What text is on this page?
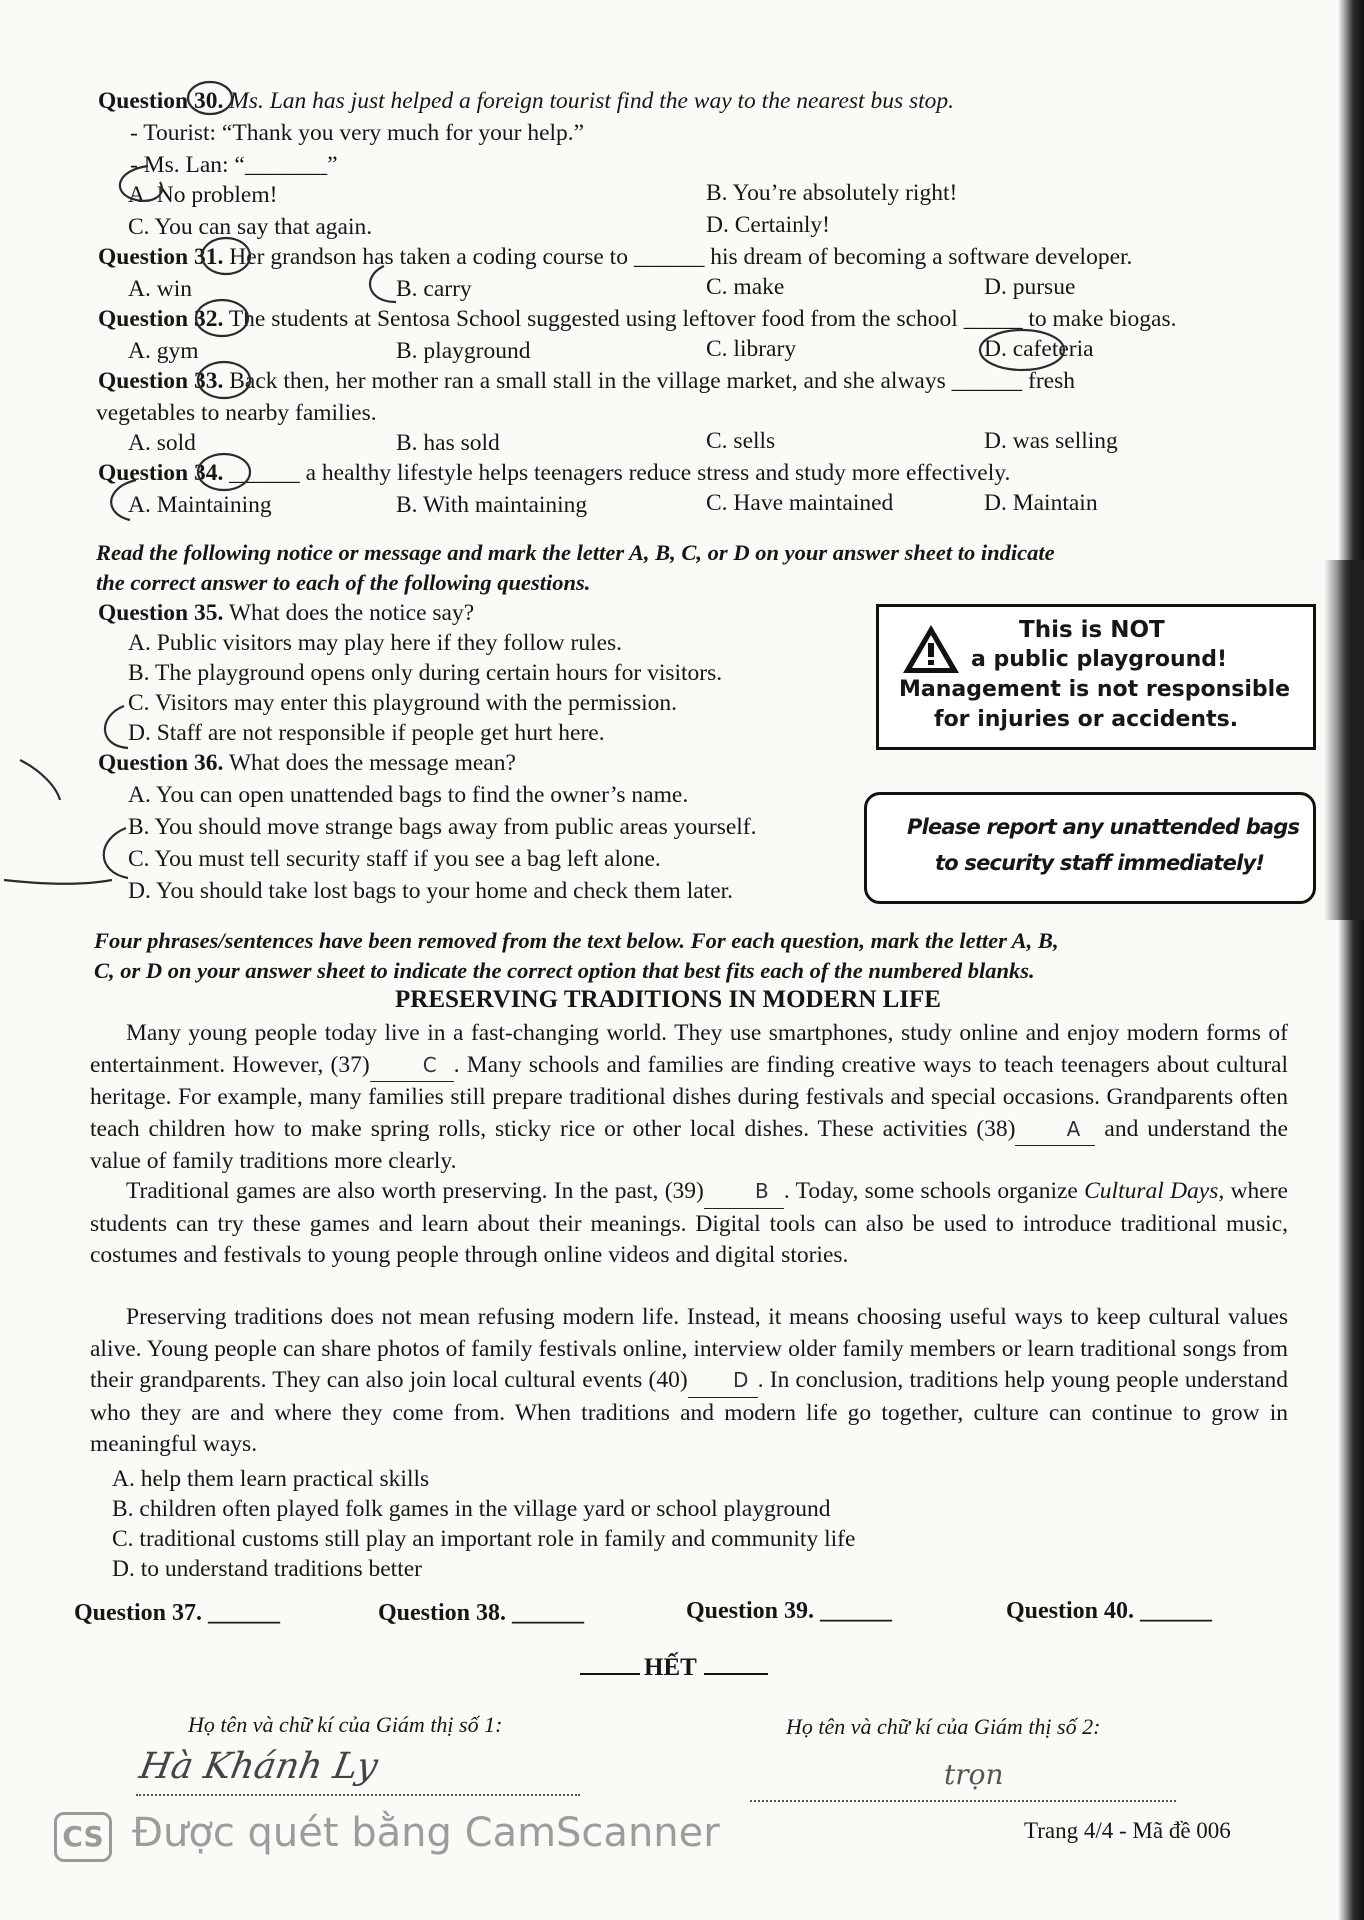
Question 30. Ms. Lan has just helped a foreign tourist find the way to the nearest bus stop.
- Tourist: “Thank you very much for your help.”
- Ms. Lan: “_______”
A. No problem!	B. You’re absolutely right!
C. You can say that again.	D. Certainly!
Question 31. Her grandson has taken a coding course to ______ his dream of becoming a software developer.
A. win	B. carry	C. make	D. pursue
Question 32. The students at Sentosa School suggested using leftover food from the school _____ to make biogas.
A. gym	B. playground	C. library	D. cafeteria
Question 33. Back then, her mother ran a small stall in the village market, and she always ______ fresh
vegetables to nearby families.
A. sold	B. has sold	C. sells	D. was selling
Question 34. ______ a healthy lifestyle helps teenagers reduce stress and study more effectively.
A. Maintaining	B. With maintaining	C. Have maintained	D. Maintain
Read the following notice or message and mark the letter A, B, C, or D on your answer sheet to indicate
the correct answer to each of the following questions.
Question 35. What does the notice say?
A. Public visitors may play here if they follow rules.
B. The playground opens only during certain hours for visitors.
C. Visitors may enter this playground with the permission.
D. Staff are not responsible if people get hurt here.
This is NOT
a public playground!
Management is not responsible
for injuries or accidents.
Question 36. What does the message mean?
A. You can open unattended bags to find the owner’s name.
B. You should move strange bags away from public areas yourself.
C. You must tell security staff if you see a bag left alone.
D. You should take lost bags to your home and check them later.
Please report any unattended bags
to security staff immediately!
Four phrases/sentences have been removed from the text below. For each question, mark the letter A, B,
C, or D on your answer sheet to indicate the correct option that best fits each of the numbered blanks.
PRESERVING TRADITIONS IN MODERN LIFE
Many young people today live in a fast-changing world. They use smartphones, study online and enjoy modern forms of entertainment. However, (37)	C . Many schools and families are finding creative ways to teach teenagers about cultural heritage. For example, many families still prepare traditional dishes during festivals and special occasions. Grandparents often teach children how to make spring rolls, sticky rice or other local dishes. These activities (38)	A and understand the value of family traditions more clearly.
Traditional games are also worth preserving. In the past, (39)	B . Today, some schools organize Cultural Days, where students can try these games and learn about their meanings. Digital tools can also be used to introduce traditional music, costumes and festivals to young people through online videos and digital stories.
Preserving traditions does not mean refusing modern life. Instead, it means choosing useful ways to keep cultural values alive. Young people can share photos of family festivals online, interview older family members or learn traditional songs from their grandparents. They can also join local cultural events (40) D . In conclusion, traditions help young people understand who they are and where they come from. When traditions and modern life go together, culture can continue to grow in meaningful ways.
A. help them learn practical skills
B. children often played folk games in the village yard or school playground
C. traditional customs still play an important role in family and community life
D. to understand traditions better
Question 37. ______	Question 38. ______	Question 39. ______	Question 40. ______
HẾT
Họ tên và chữ kí của Giám thị số 1:	Họ tên và chữ kí của Giám thị số 2:
Hà Khánh Ly	trọn
CS Được quét bằng CamScanner	Trang 4/4 - Mã đề 006
